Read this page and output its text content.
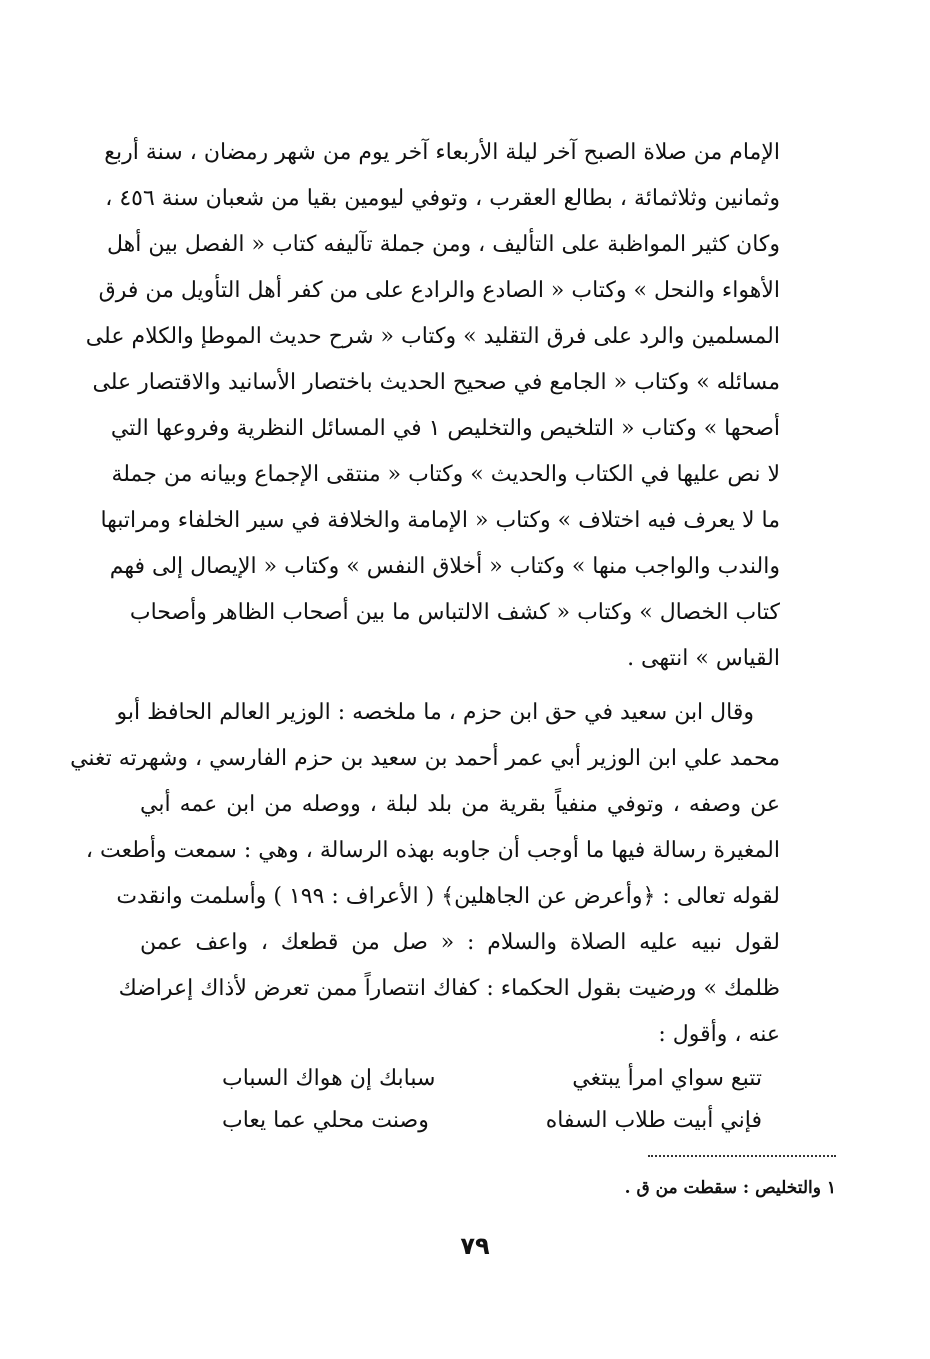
الإمام من صلاة الصبح آخر ليلة الأربعاء آخر يوم من شهر رمضان ، سنة أربع
وثمانين وثلاثمائة ، بطالع العقرب ، وتوفي ليومين بقيا من شعبان سنة ٤٥٦ ،
وكان كثير المواظبة على التأليف ، ومن جملة تآليفه كتاب « الفصل بين أهل
الأهواء والنحل » وكتاب « الصادع والرادع على من كفر أهل التأويل من فرق
المسلمين والرد على فرق التقليد » وكتاب « شرح حديث الموطإ والكلام على
مسائله » وكتاب « الجامع في صحيح الحديث باختصار الأسانيد والاقتصار على
أصحها » وكتاب « التلخيص والتخليص ١ في المسائل النظرية وفروعها التي
لا نص عليها في الكتاب والحديث » وكتاب « منتقى الإجماع وبيانه من جملة
ما لا يعرف فيه اختلاف » وكتاب « الإمامة والخلافة في سير الخلفاء ومراتبها
والندب والواجب منها » وكتاب « أخلاق النفس » وكتاب « الإيصال إلى فهم
كتاب الخصال » وكتاب « كشف الالتباس ما بين أصحاب الظاهر وأصحاب
القياس » انتهى .
وقال ابن سعيد في حق ابن حزم ، ما ملخصه : الوزير العالم الحافظ أبو
محمد علي ابن الوزير أبي عمر أحمد بن سعيد بن حزم الفارسي ، وشهرته تغني
عن وصفه ، وتوفي منفياً بقرية من بلد لبلة ، ووصله من ابن عمه أبي
المغيرة رسالة فيها ما أوجب أن جاوبه بهذه الرسالة ، وهي : سمعت وأطعت ،
لقوله تعالى : ﴿وأعرض عن الجاهلين﴾ ( الأعراف : ١٩٩ ) وأسلمت وانقدت
لقول نبيه عليه الصلاة والسلام : « صل من قطعك ، واعف عمن
ظلمك » ورضيت بقول الحكماء : كفاك انتصاراً ممن تعرض لأذاك إعراضك
عنه ، وأقول :
تتبع سواي امرأ يبتغي
سبابك إن هواك السباب
فإني أبيت طلاب السفاه
وصنت محلي عما يعاب
١ والتخليص : سقطت من ق .
٧٩
